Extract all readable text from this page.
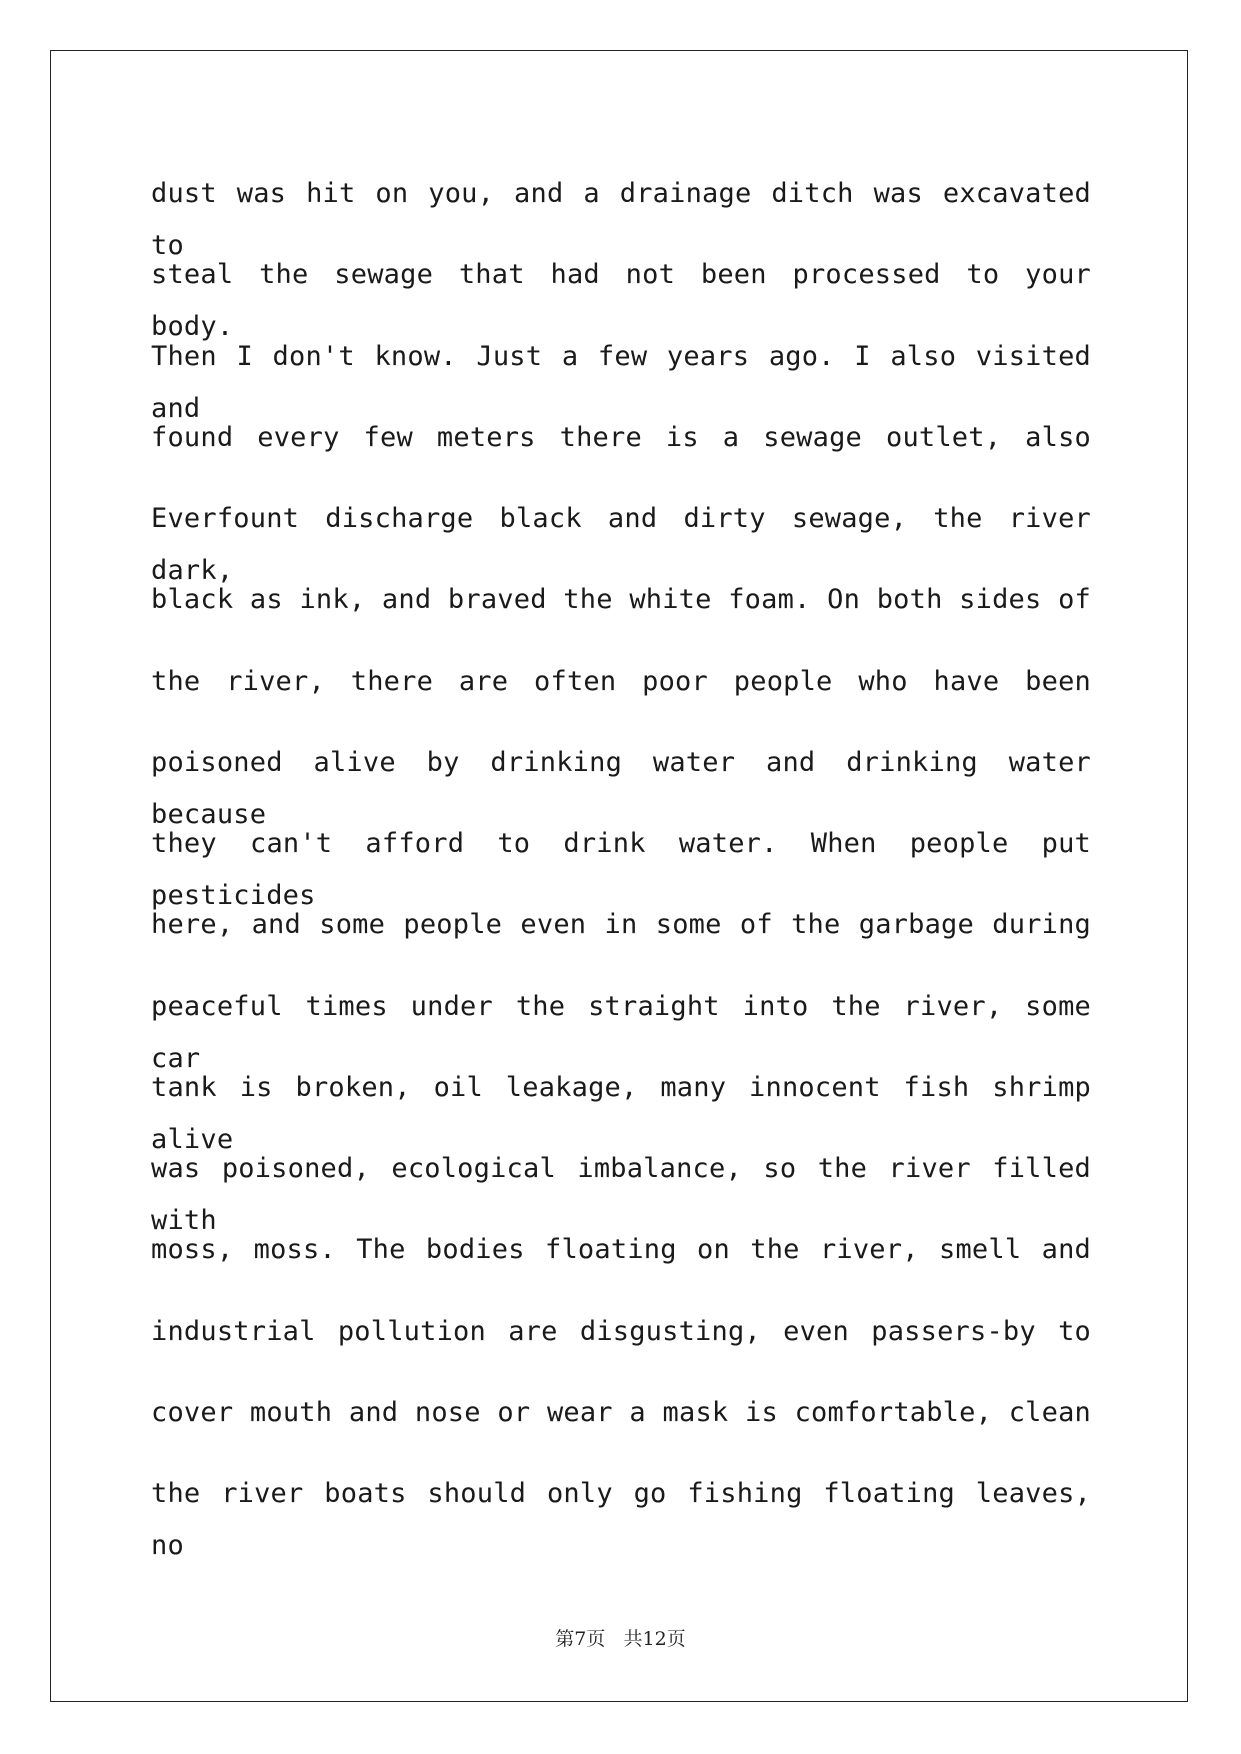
dust was hit on you, and a drainage ditch was excavated to
steal the sewage that had not been processed to your body.
Then I don't know. Just a few years ago. I also visited and
found every few meters there is a sewage outlet, also
Everfount discharge black and dirty sewage, the river dark,
black as ink, and braved the white foam. On both sides of
the river, there are often poor people who have been
poisoned alive by drinking water and drinking water because
they can't afford to drink water. When people put pesticides
here, and some people even in some of the garbage during
peaceful times under the straight into the river, some car
tank is broken, oil leakage, many innocent fish shrimp alive
was poisoned, ecological imbalance, so the river filled with
moss, moss. The bodies floating on the river, smell and
industrial pollution are disgusting, even passers-by to
cover mouth and nose or wear a mask is comfortable, clean
the river boats should only go fishing floating leaves, no
第7页 共12页
